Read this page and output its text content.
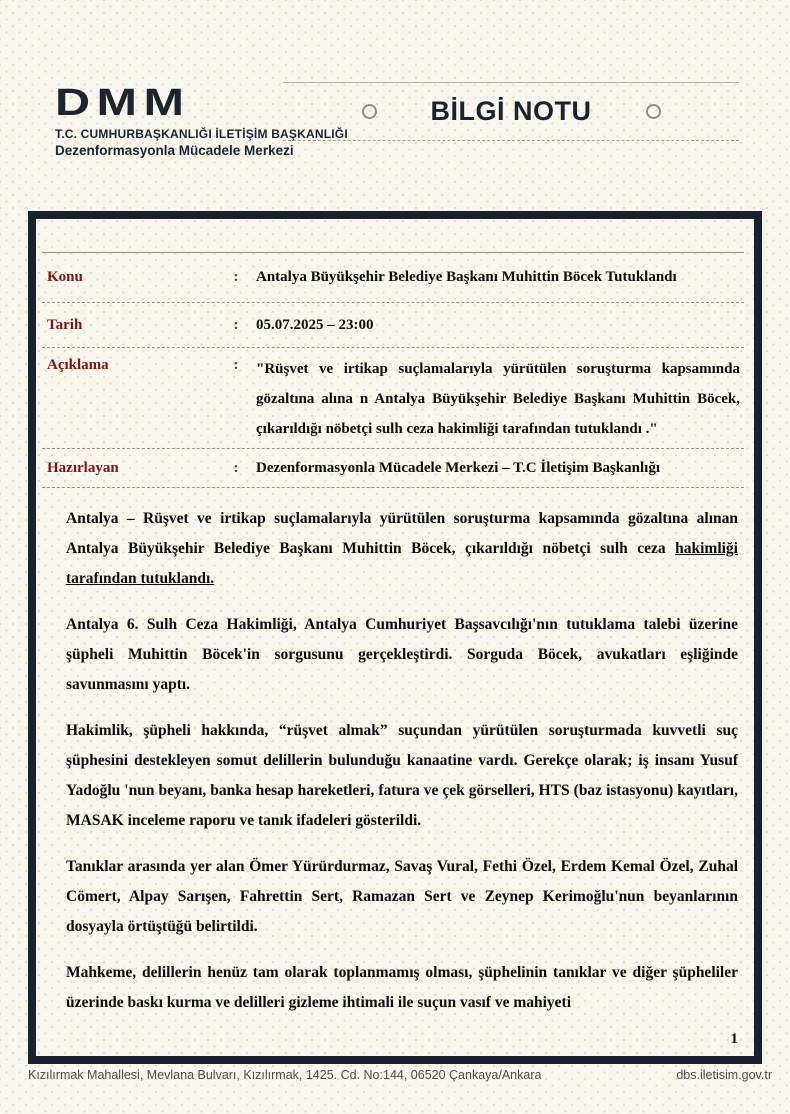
DMM
T.C. CUMHURBAŞKANLIĞI İLETİŞİM BAŞKANLIĞI
Dezenformasyonla Mücadele Merkezi
BİLGİ NOTU
Konu	:	Antalya Büyükşehir Belediye Başkanı Muhittin Böcek Tutuklandı
Tarih	:	05.07.2025 – 23:00
Açıklama	:	"Rüşvet ve irtikap suçlamalarıyla yürütülen soruşturma kapsamında gözaltına alına n Antalya Büyükşehir Belediye Başkanı Muhittin Böcek, çıkarıldığı nöbetçi sulh ceza hakimliği tarafından tutuklandı ."
Hazırlayan	:	Dezenformasyonla Mücadele Merkezi – T.C İletişim Başkanlığı

Antalya – Rüşvet ve irtikap suçlamalarıyla yürütülen soruşturma kapsamında gözaltına alınan Antalya Büyükşehir Belediye Başkanı Muhittin Böcek, çıkarıldığı nöbetçi sulh ceza hakimliği tarafından tutuklandı.

Antalya 6. Sulh Ceza Hakimliği, Antalya Cumhuriyet Başsavcılığı'nın tutuklama talebi üzerine şüpheli Muhittin Böcek'in sorgusunu gerçekleştirdi. Sorguda Böcek, avukatları eşliğinde savunmasını yaptı.

Hakimlik, şüpheli hakkında, “rüşvet almak” suçundan yürütülen soruşturmada kuvvetli suç şüphesini destekleyen somut delillerin bulunduğu kanaatine vardı. Gerekçe olarak; iş insanı Yusuf Yadoğlu 'nun beyanı, banka hesap hareketleri, fatura ve çek görselleri, HTS (baz istasyonu) kayıtları, MASAK inceleme raporu ve tanık ifadeleri gösterildi.

Tanıklar arasında yer alan Ömer Yürürdurmaz, Savaş Vural, Fethi Özel, Erdem Kemal Özel, Zuhal Cömert, Alpay Sarışen, Fahrettin Sert, Ramazan Sert ve Zeynep Kerimoğlu'nun beyanlarının dosyayla örtüştüğü belirtildi.

Mahkeme, delillerin henüz tam olarak toplanmamış olması, şüphelinin tanıklar ve diğer şüpheliler üzerinde baskı kurma ve delilleri gizleme ihtimali ile suçun vasıf ve mahiyeti

1
Kızılırmak Mahallesi, Mevlana Bulvarı, Kızılırmak, 1425. Cd. No:144, 06520 Çankaya/Ankara	dbs.iletisim.gov.tr
